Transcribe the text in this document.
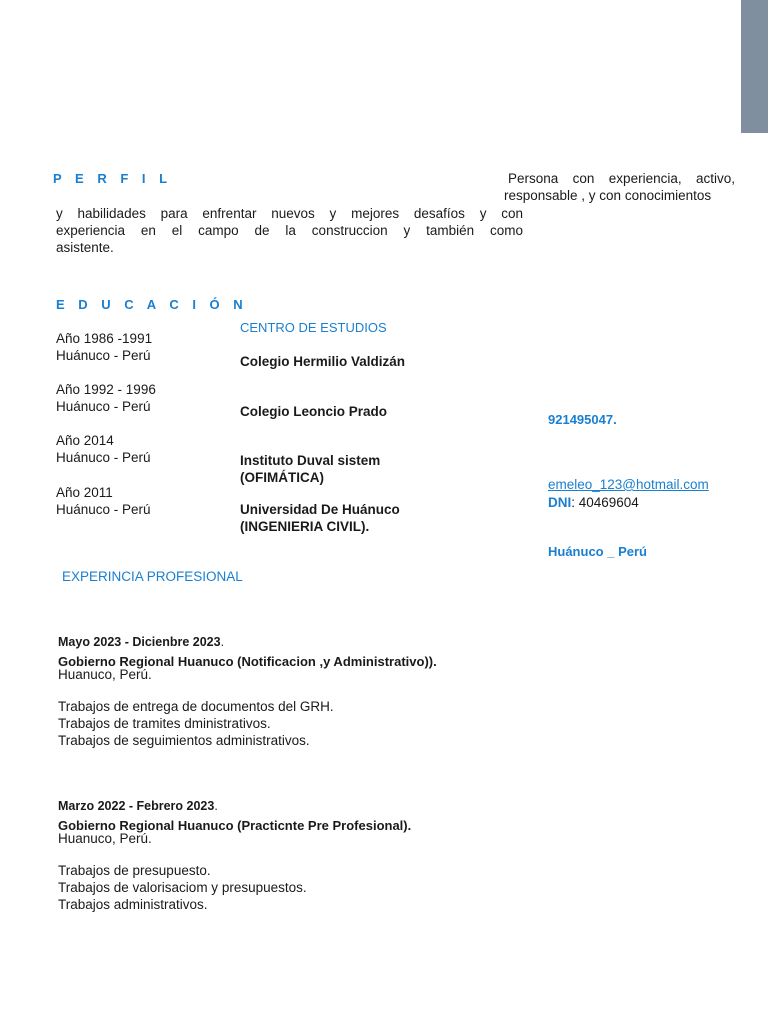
P E R F I L	Persona con experiencia, activo,
responsable , y con conocimientos
y habilidades para enfrentar nuevos y mejores desafíos y con
experiencia en el campo de la construccion y también como
asistente.
E D U C A C I Ó N
CENTRO DE ESTUDIOS
Año 1986 -1991
Huánuco - Perú	Colegio Hermilio Valdizán
Año 1992 - 1996
Huánuco - Perú	Colegio Leoncio Prado
Año 2014
Huánuco - Perú	Instituto Duval sistem
(OFIMÁTICA)
Año 2011
Huánuco - Perú	Universidad De Huánuco
(INGENIERIA CIVIL).
921495047.
emeleo_123@hotmail.com
DNI: 40469604
Huánuco _ Perú
EXPERINCIA PROFESIONAL
Mayo 2023 - Dicienbre 2023.
Gobierno Regional Huanuco (Notificacion ,y Administrativo)).
Huanuco, Perú.
Trabajos de entrega de documentos del GRH.
Trabajos de tramites dministrativos.
Trabajos de seguimientos administrativos.
Marzo 2022 - Febrero 2023.
Gobierno Regional Huanuco (Practicnte Pre Profesional).
Huanuco, Perú.
Trabajos de presupuesto.
Trabajos de valorisaciom y presupuestos.
Trabajos administrativos.
